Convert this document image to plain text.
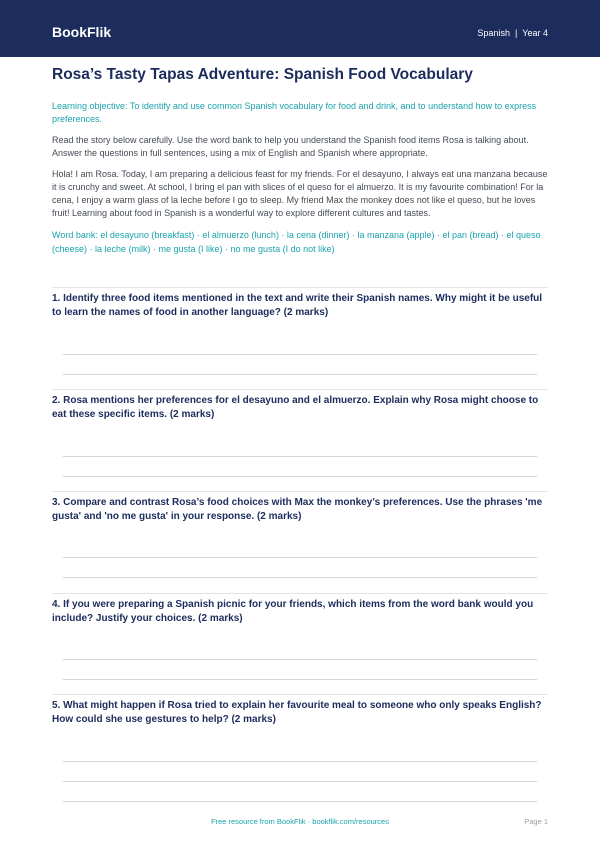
BookFlik	Spanish | Year 4
Rosa’s Tasty Tapas Adventure: Spanish Food Vocabulary
Learning objective: To identify and use common Spanish vocabulary for food and drink, and to understand how to express preferences.
Read the story below carefully. Use the word bank to help you understand the Spanish food items Rosa is talking about. Answer the questions in full sentences, using a mix of English and Spanish where appropriate.
Hola! I am Rosa. Today, I am preparing a delicious feast for my friends. For el desayuno, I always eat una manzana because it is crunchy and sweet. At school, I bring el pan with slices of el queso for el almuerzo. It is my favourite combination! For la cena, I enjoy a warm glass of la leche before I go to sleep. My friend Max the monkey does not like el queso, but he loves fruit! Learning about food in Spanish is a wonderful way to explore different cultures and tastes.
Word bank: el desayuno (breakfast) · el almuerzo (lunch) · la cena (dinner) · la manzana (apple) · el pan (bread) · el queso (cheese) · la leche (milk) · me gusta (I like) · no me gusta (I do not like)
1. Identify three food items mentioned in the text and write their Spanish names. Why might it be useful to learn the names of food in another language? (2 marks)
2. Rosa mentions her preferences for el desayuno and el almuerzo. Explain why Rosa might choose to eat these specific items. (2 marks)
3. Compare and contrast Rosa’s food choices with Max the monkey’s preferences. Use the phrases 'me gusta' and 'no me gusta' in your response. (2 marks)
4. If you were preparing a Spanish picnic for your friends, which items from the word bank would you include? Justify your choices. (2 marks)
5. What might happen if Rosa tried to explain her favourite meal to someone who only speaks English? How could she use gestures to help? (2 marks)
Free resource from BookFlik · bookflik.com/resources	Page 1
